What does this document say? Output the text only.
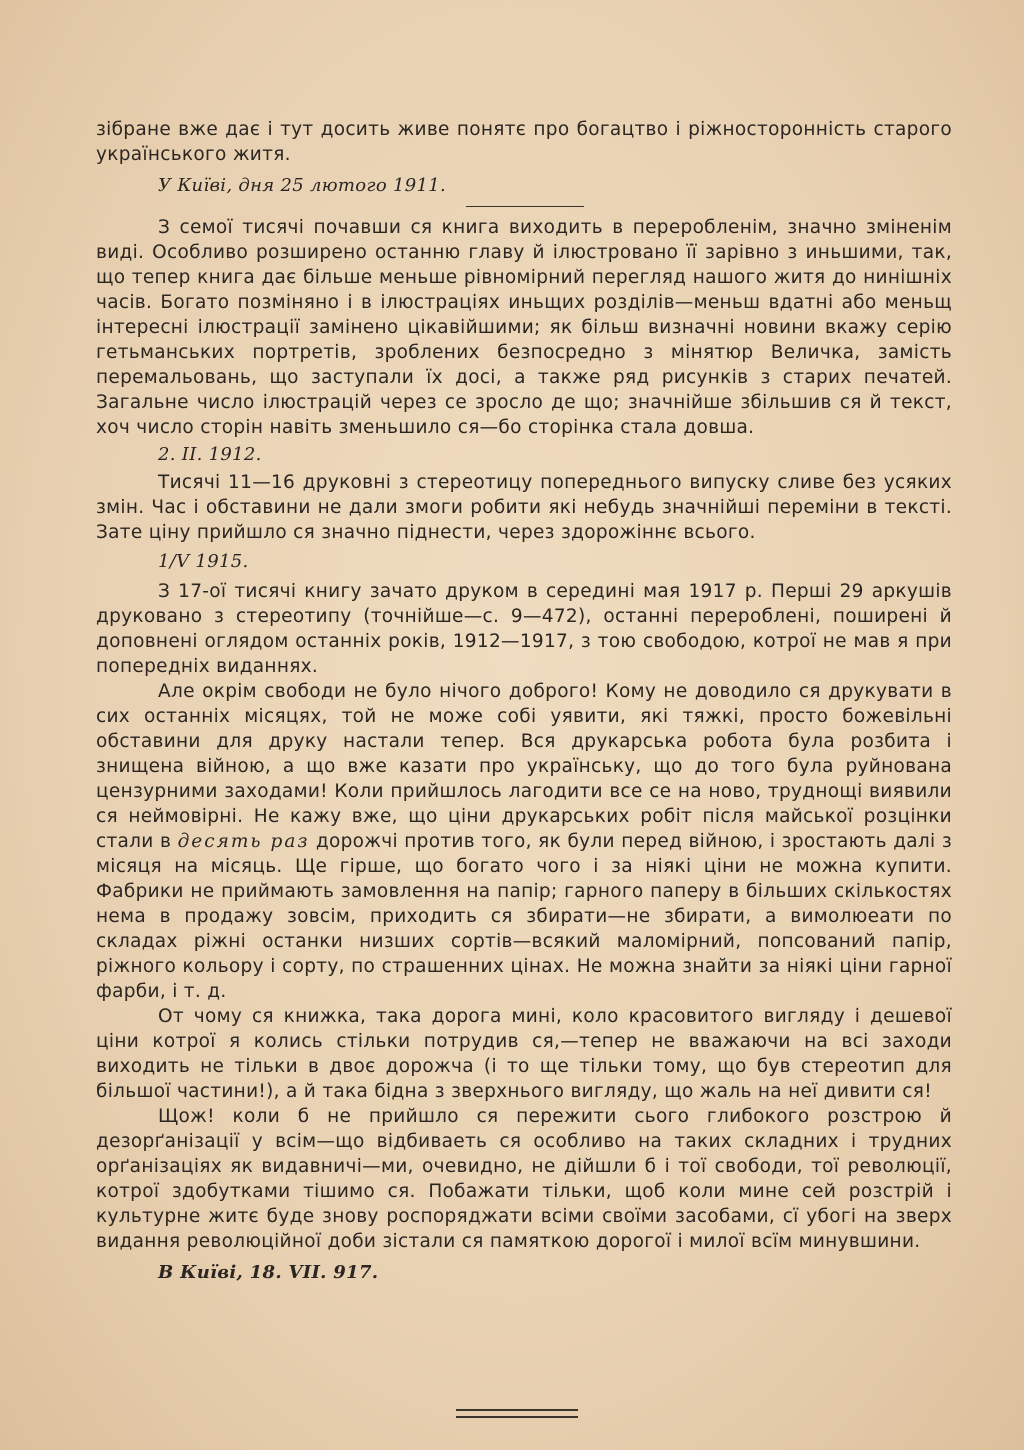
зібране вже дає і тут досить живе понятє про богацтво і ріжносторонність старого українського житя.

У Київі, дня 25 лютого 1911.

З семої тисячі почавши ся книга виходить в переробленім, значно зміненім виді. Особливо розширено останню главу й ілюстровано її зарівно з иньшими, так, що тепер книга дає більше меньше рівномірний перегляд нашого житя до нинішніх часів. Богато позміняно і в ілюстраціях иньщих розділів—меньш вдатні або меньщ інтересні ілюстрації замінено цікавійшими; як більш визначні новини вкажу серію гетьманських портретів, зроблених безпосредно з мінятюр Величка, замість перемальовань, що заступали їх досі, а также ряд рисунків з старих печатей. Загальне число ілюстрацій через се зросло де що; значнійше збільшив ся й текст, хоч число сторін навіть зменьшило ся—бо сторінка стала довша.

2. II. 1912.

Тисячі 11—16 друковні з стереотицу попереднього випуску сливе без усяких змін. Час і обставини не дали змоги робити які небудь значнійші переміни в тексті. Зате ціну прийшло ся значно піднести, через здорожіннє всього.

1/V 1915.

З 17-ої тисячі книгу зачато друком в середині мая 1917 р. Перші 29 аркушів друковано з стереотипу (точнійше—с. 9—472), останні перероблені, поширені й доповнені оглядом останніх років, 1912—1917, з тою свободою, котрої не мав я при попередніх виданнях.

Але окрім свободи не було нічого доброго! Кому не доводило ся друкувати в сих останніх місяцях, той не може собі уявити, які тяжкі, просто божевільні обставини для друку настали тепер. Вся друкарська робота була розбита і знищена війною, а що вже казати про українську, що до того була руйнована цензурними заходами! Коли прийшлось лагодити все се на ново, труднощі виявили ся неймовірні. Не кажу вже, що ціни друкарських робіт після майської розцінки стали в десять раз дорожчі против того, як були перед війною, і зростають далі з місяця на місяць. Ще гірше, що богато чого і за ніякі ціни не можна купити. Фабрики не приймають замовлення на папір; гарного паперу в більших скількостях нема в продажу зовсім, приходить ся збирати—не збирати, а вимолюеати по складах ріжні останки низших сортів—всякий маломірний, попсований папір, ріжного кольору і сорту, по страшенних цінах. Не можна знайти за ніякі ціни гарної фарби, і т. д.

От чому ся книжка, така дорога мині, коло красовитого вигляду і дешевої ціни котрої я колись стільки потрудив ся,—тепер не вважаючи на всі заходи виходить не тільки в двоє дорожча (і то ще тільки тому, що був стереотип для більшої частини!), а й така бідна з зверхнього вигляду, що жаль на неї дивити ся!

Щож! коли б не прийшло ся пережити сього глибокого розстрою й дезорґанізації у всім—що відбиваеть ся особливо на таких складних і трудних орґанізаціях як видавничі—ми, очевидно, не дійшли б і тої свободи, тої революції, котрої здобутками тішимо ся. Побажати тільки, щоб коли мине сей розстрій і культурне житє буде знову роспоряджати всіми своїми засобами, сї убогі на зверх видання революційної доби зістали ся памяткою дорогої і милої всїм минувшини.

В Київі, 18. VII. 917.
